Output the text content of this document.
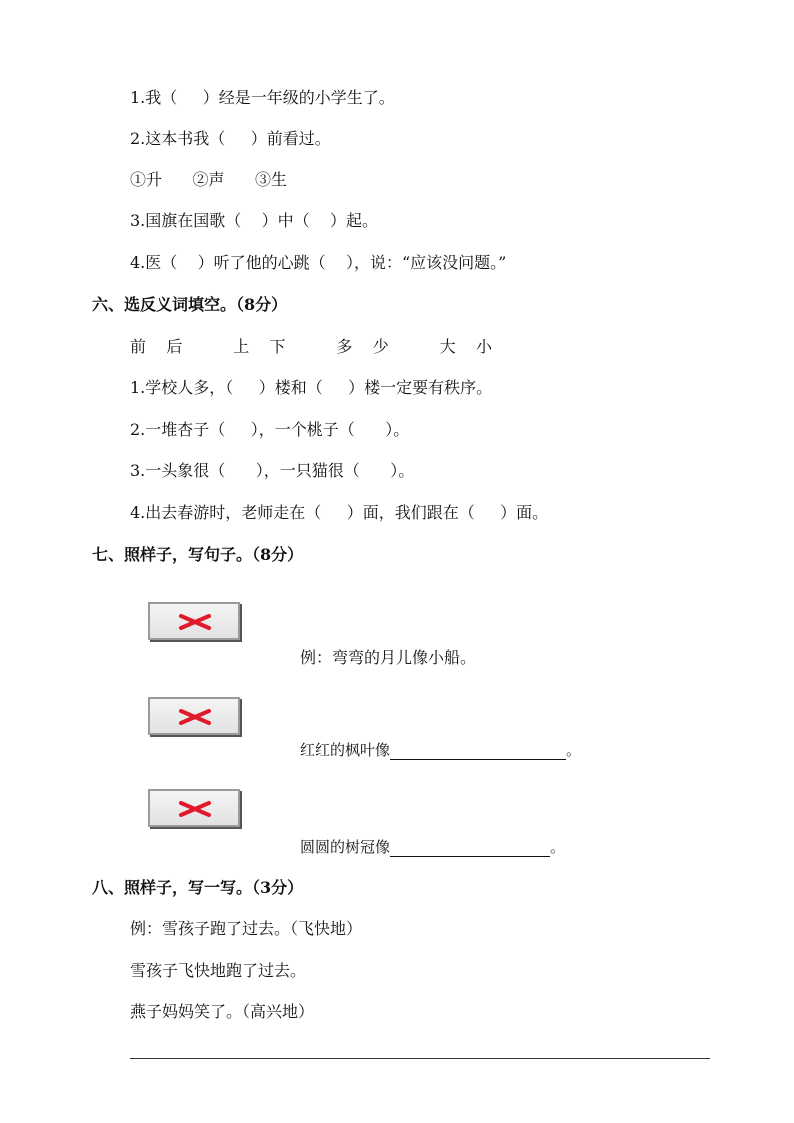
1.我（     ）经是一年级的小学生了。
2.这本书我（     ）前看过。
①升      ②声      ③生
3.国旗在国歌（    ）中（    ）起。
4.医（    ）听了他的心跳（    ），说：“应该没问题。”
六、选反义词填空。（8分）
前    后          上    下          多    少          大    小
1.学校人多，（     ）楼和（     ）楼一定要有秩序。
2.一堆杏子（     ），一个桃子（      ）。
3.一头象很（      ），一只猫很（      ）。
4.出去春游时，老师走在（     ）面，我们跟在（     ）面。
七、照样子，写句子。（8分）
例：弯弯的月儿像小船。
红红的枫叶像	。
圆圆的树冠像	。
八、照样子，写一写。（3分）
例：雪孩子跑了过去。（飞快地）
雪孩子飞快地跑了过去。
燕子妈妈笑了。（高兴地）
